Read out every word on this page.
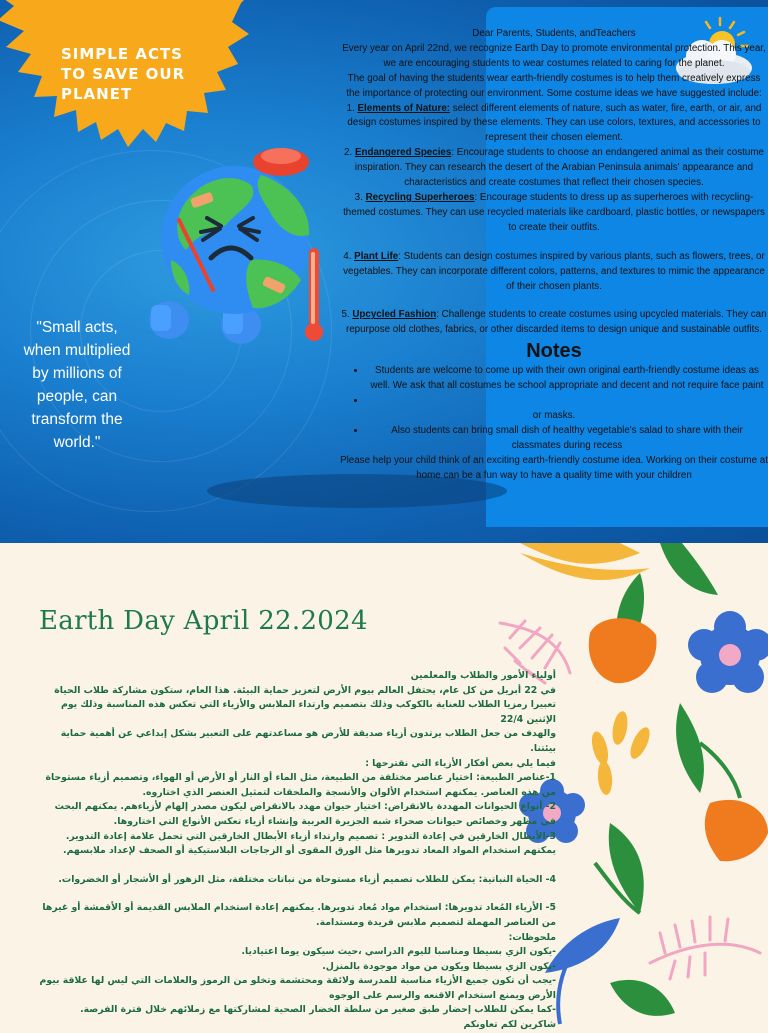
SIMPLE ACTS TO SAVE OUR PLANET
"Small acts, when multiplied by millions of people, can transform the world."

Dear Parents, Students, andTeachers

Every year on April 22nd, we recognize Earth Day to promote environmental protection. This year, we are encouraging students to wear costumes related to caring for the planet.

The goal of having the students wear earth-friendly costumes is to help them creatively express the importance of protecting our environment. Some costume ideas we have suggested include:

1. Elements of Nature: select different elements of nature, such as water, fire, earth, or air, and design costumes inspired by these elements. They can use colors, textures, and accessories to represent their chosen element.

2. Endangered Species: Encourage students to choose an endangered animal as their costume inspiration. They can research the desert of the Arabian Peninsula animals' appearance and characteristics and create costumes that reflect their chosen species.

3. Recycling Superheroes: Encourage students to dress up as superheroes with recycling-themed costumes. They can use recycled materials like cardboard, plastic bottles, or newspapers to create their outfits.

4. Plant Life: Students can design costumes inspired by various plants, such as flowers, trees, or vegetables. They can incorporate different colors, patterns, and textures to mimic the appearance of their chosen plants.

5. Upcycled Fashion: Challenge students to create costumes using upcycled materials. They can repurpose old clothes, fabrics, or other discarded items to design unique and sustainable outfits.

Notes

• Students are welcome to come up with their own original earth-friendly costume ideas as well. We ask that all costumes be school appropriate and decent and not require face paint
•

or masks.

• Also students can bring small dish of healthy vegetable's salad to share with their classmates during recess

Please help your child think of an exciting earth-friendly costume idea. Working on their costume at home can be a fun way to have a quality time with your children

Earth Day April 22.2024

أولياء الأمور والطلاب والمعلمين

في 22 أبريل من كل عام، يحتفل العالم بيوم الأرض لتعزيز حماية البيئة. هذا العام، ستكون مشاركة طلاب الحياة تعبيرا رمزيا الطلاب للعناية بالكوكب وذلك بتصميم وارتداء الملابس والأزياء التي تعكس هذه المناسبة وذلك يوم الإثنين 22/4

والهدف من جعل الطلاب يرتدون أزياء صديقة للأرض هو مساعدتهم على التعبير بشكل إبداعي عن أهمية حماية بيئتنا.

فيما يلي بعض أفكار الأزياء التي نقترحها :

1-عناصر الطبيعة: اختيار عناصر مختلفة من الطبيعة، مثل الماء أو النار أو الأرض أو الهواء، وتصميم أزياء مستوحاة من هذه العناصر. يمكنهم استخدام الألوان والأنسجة والملحقات لتمثيل العنصر الذي اختاروه.

2- أنواع الحيوانات المهددة بالانقراض: اختيار حيوان مهدد بالانقراض ليكون مصدر إلهام لأزياءهم. يمكنهم البحث في مظهر وخصائص حيوانات صحراء شبه الجزيرة العربية وإنشاء أزياء تعكس الأنواع التي اختاروها.

3-الأبطال الخارقين في إعادة التدوير : تصميم وارتداء أزياء الأبطال الخارقين التي تحمل علامة إعادة التدوير. يمكنهم استخدام المواد المعاد تدويرها مثل الورق المقوى أو الزجاجات البلاستيكية أو الصحف لإعداد ملابسهم.

4- الحياة النباتية: يمكن للطلاب تصميم أزياء مستوحاة من نباتات مختلفة، مثل الزهور أو الأشجار أو الخضروات.

5- الأزياء المُعاد تدويرها: استخدام مواد مُعاد تدويرها. يمكنهم إعادة استخدام الملابس القديمة أو الأقمشة أو غيرها من العناصر المهملة لتصميم ملابس فريدة ومستدامة.

ملحوظات:

-يكون الزي بسيطا ومناسبا لليوم الدراسي ،حيث سيكون يوما اعتياديا.

-يكون الزي بسيطا ويكون من مواد موجودة بالمنزل.

-يجب أن تكون جميع الأزياء مناسبة للمدرسة ولائقة ومحتشمة وتخلو من الرموز والعلامات التي ليس لها علاقة بيوم الأرض ويمنع استخدام الاقنعه والرسم على الوجوه

-كما يمكن للطلاب إحضار طبق صغير من سلطة الخضار الصحية لمشاركتها مع زملائهم خلال فترة الفرصة.

شاكرين لكم تعاونكم
